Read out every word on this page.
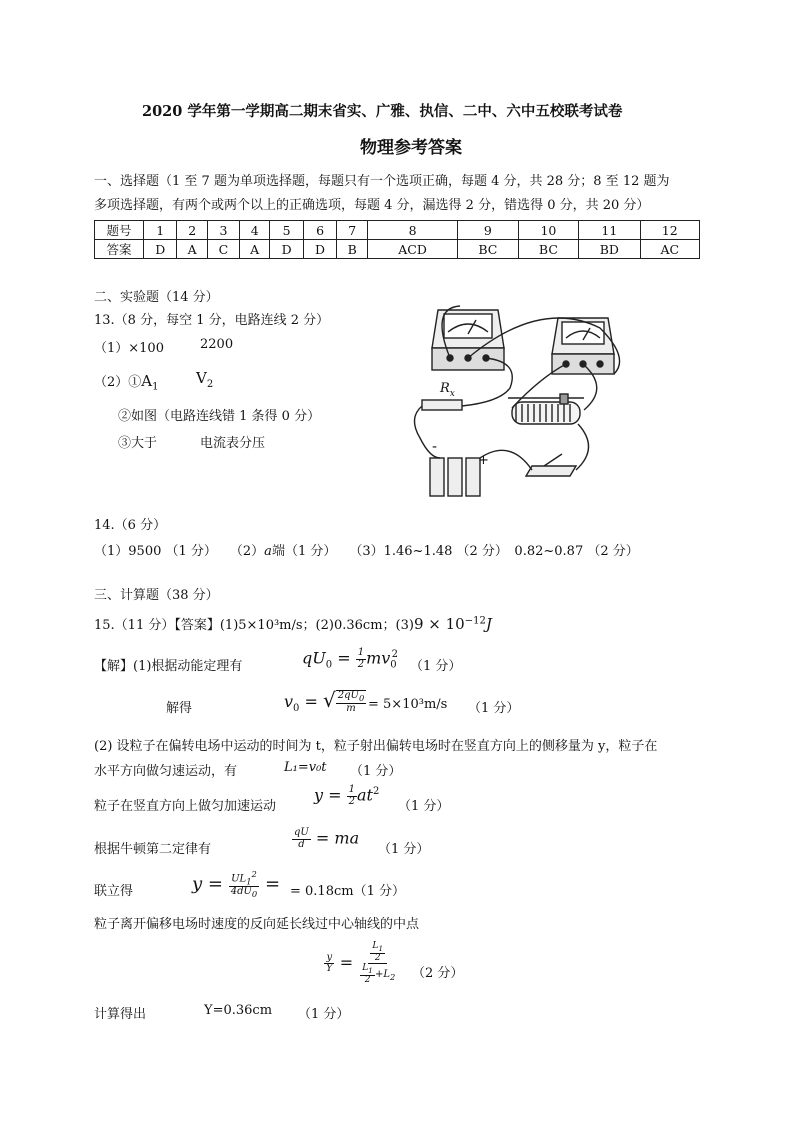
2020 学年第一学期高二期末省实、广雅、执信、二中、六中五校联考试卷
物理参考答案
一、选择题（1 至 7 题为单项选择题，每题只有一个选项正确，每题 4 分，共 28 分；8 至 12 题为
多项选择题，有两个或两个以上的正确选项，每题 4 分，漏选得 2 分，错选得 0 分，共 20 分）
题号	1	2	3	4	5	6	7	8	9	10	11	12
答案	D	A	C	A	D	D	B	ACD	BC	BC	BD	AC
二、实验题（14 分）
13.（8 分，每空 1 分，电路连线 2 分）
（1）×100	2200
$(2)①A_1$
$V_2$
②如图（电路连线错 1 条得 0 分）
③大于	电流表分压
$R_x$
-
+
14.（6 分）
（1）9500 （1 分）　　（2）a端（1 分）　　（3）1.46~1.48 （2 分）　0.82~0.87 （2 分）
三、计算题（38 分）
15.（11 分）【答案】(1)5×10³m/s；(2)0.36cm；$(3)9 \times 10^{-12}J$
【解】(1)根据动能定理有	$qU_0 = \frac{1}{2} mv_0^2$
（1 分）
解得	$v_0$ = √ $\frac{2qU_0}{m} = 5\times 10^3m/s$ （1 分）
(2) 设粒子在偏转电场中运动的时间为 t，粒子射出偏转电场时在竖直方向上的侧移量为 y，粒子在
水平方向做匀速运动，有	L₁=v₀t （1 分）
粒子在竖直方向上做匀加速运动
$y = \frac{1}{2} at^2$
（1 分）
根据牛顿第二定律有	$\frac{qU}{d}$ = ma
（1 分）
联立得	$y = \frac{UL_1^2}{4dU_0}$ = = 0.18cm（1 分）
粒子离开偏移电场时速度的反向延长线过中心轴线的中点
$\frac{y}{Y} = \frac{\frac{L_1}{2}}{\frac{L_1}{2} +L_2} (2$ 分）
计算得出	Y=0.36cm （1 分）
